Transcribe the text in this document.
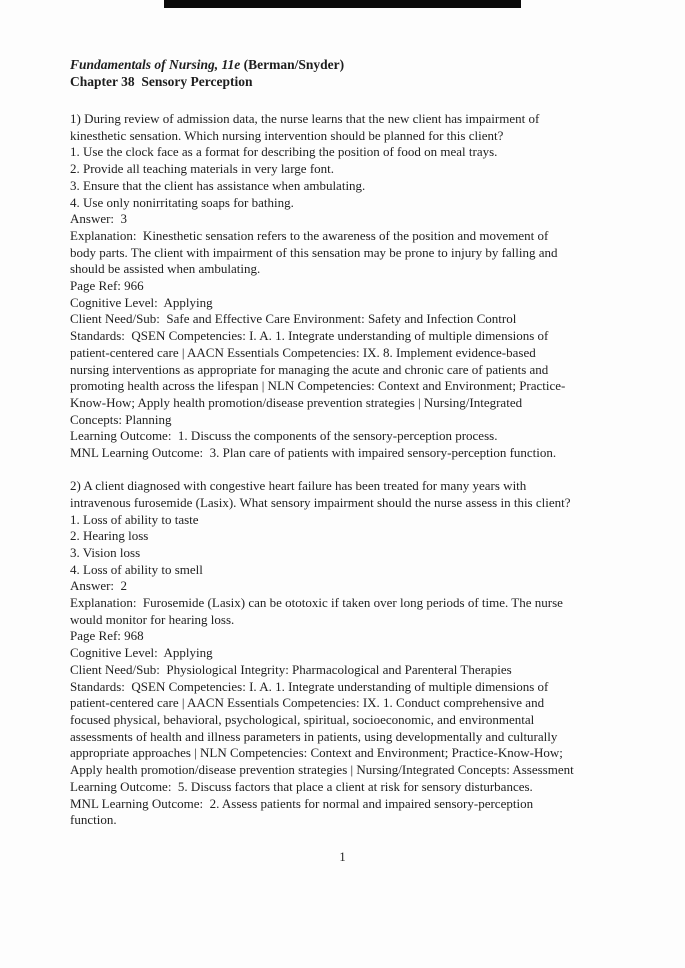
Fundamentals of Nursing, 11e (Berman/Snyder)
Chapter 38  Sensory Perception
1) During review of admission data, the nurse learns that the new client has impairment of
kinesthetic sensation. Which nursing intervention should be planned for this client?
1. Use the clock face as a format for describing the position of food on meal trays.
2. Provide all teaching materials in very large font.
3. Ensure that the client has assistance when ambulating.
4. Use only nonirritating soaps for bathing.
Answer:  3
Explanation:  Kinesthetic sensation refers to the awareness of the position and movement of
body parts. The client with impairment of this sensation may be prone to injury by falling and
should be assisted when ambulating.
Page Ref: 966
Cognitive Level:  Applying
Client Need/Sub:  Safe and Effective Care Environment: Safety and Infection Control
Standards:  QSEN Competencies: I. A. 1. Integrate understanding of multiple dimensions of
patient-centered care | AACN Essentials Competencies: IX. 8. Implement evidence-based
nursing interventions as appropriate for managing the acute and chronic care of patients and
promoting health across the lifespan | NLN Competencies: Context and Environment; Practice-
Know-How; Apply health promotion/disease prevention strategies | Nursing/Integrated
Concepts: Planning
Learning Outcome:  1. Discuss the components of the sensory-perception process.
MNL Learning Outcome:  3. Plan care of patients with impaired sensory-perception function.
2) A client diagnosed with congestive heart failure has been treated for many years with
intravenous furosemide (Lasix). What sensory impairment should the nurse assess in this client?
1. Loss of ability to taste
2. Hearing loss
3. Vision loss
4. Loss of ability to smell
Answer:  2
Explanation:  Furosemide (Lasix) can be ototoxic if taken over long periods of time. The nurse
would monitor for hearing loss.
Page Ref: 968
Cognitive Level:  Applying
Client Need/Sub:  Physiological Integrity: Pharmacological and Parenteral Therapies
Standards:  QSEN Competencies: I. A. 1. Integrate understanding of multiple dimensions of
patient-centered care | AACN Essentials Competencies: IX. 1. Conduct comprehensive and
focused physical, behavioral, psychological, spiritual, socioeconomic, and environmental
assessments of health and illness parameters in patients, using developmentally and culturally
appropriate approaches | NLN Competencies: Context and Environment; Practice-Know-How;
Apply health promotion/disease prevention strategies | Nursing/Integrated Concepts: Assessment
Learning Outcome:  5. Discuss factors that place a client at risk for sensory disturbances.
MNL Learning Outcome:  2. Assess patients for normal and impaired sensory-perception
function.
1
